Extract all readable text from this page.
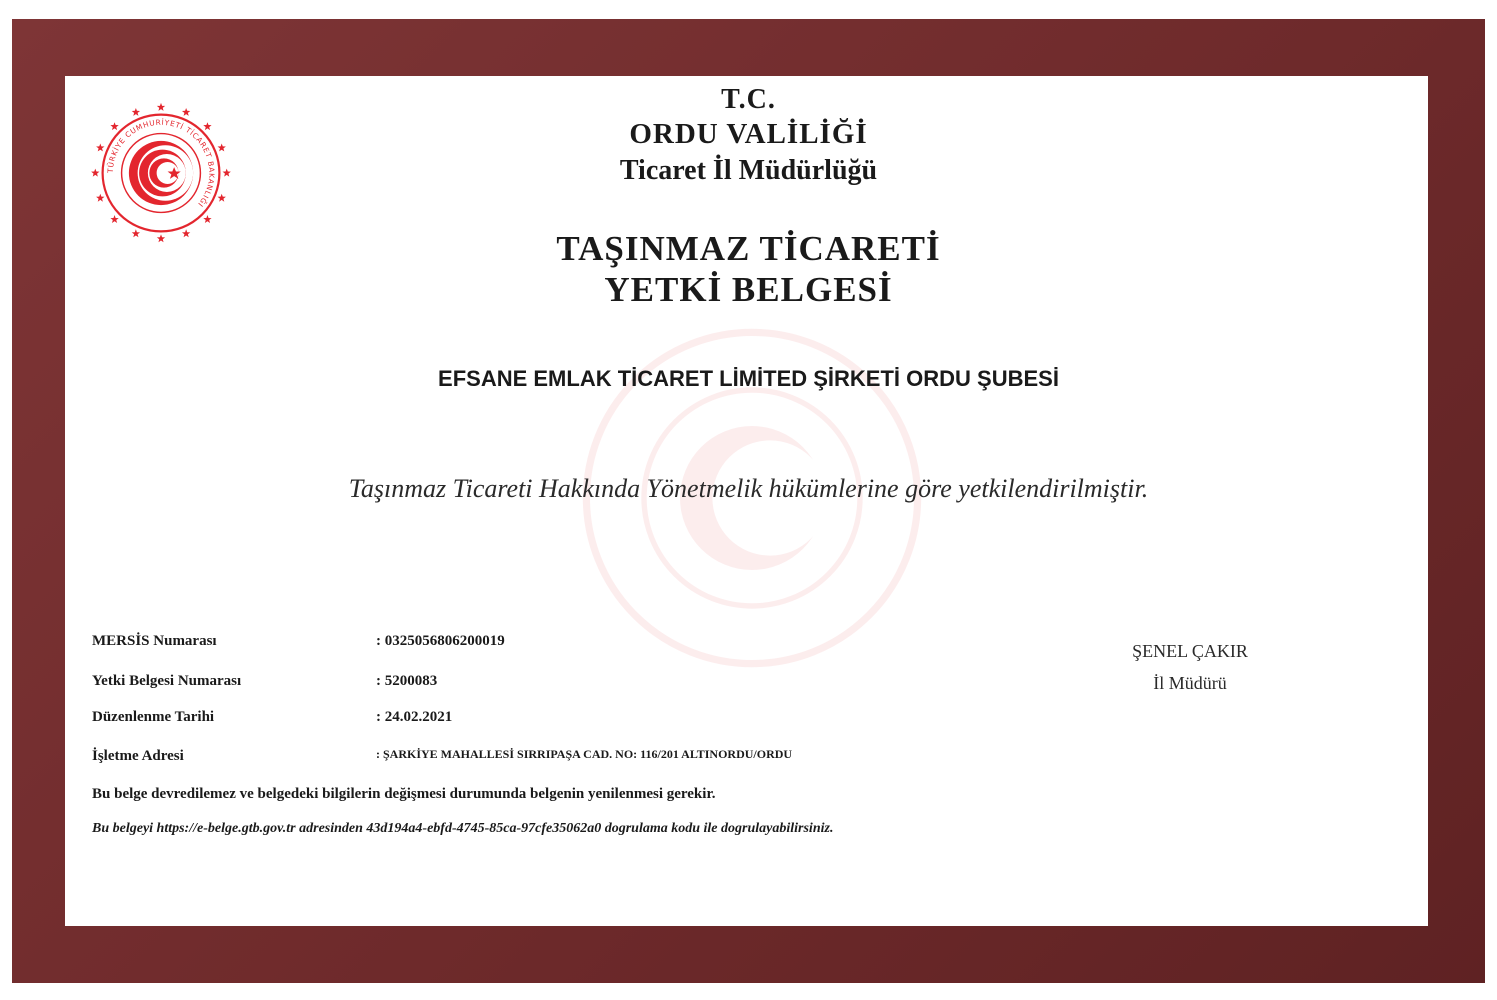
TÜRKİYE CUMHURİYETİ TİCARET BAKANLIĞI

T.C.

ORDU VALİLİĞİ

Ticaret İl Müdürlüğü

TAŞINMAZ TİCARETİ

YETKİ BELGESİ

EFSANE EMLAK TİCARET LİMİTED ŞİRKETİ ORDU ŞUBESİ

Taşınmaz Ticareti Hakkında Yönetmelik hükümlerine göre yetkilendirilmiştir.

MERSİS Numarası	: 0325056806200019
Yetki Belgesi Numarası	: 5200083
Düzenlenme Tarihi	: 24.02.2021
İşletme Adresi	: ŞARKİYE MAHALLESİ SIRRIPAŞA CAD. NO: 116/201 ALTINORDU/ORDU
Bu belge devredilemez ve belgedeki bilgilerin değişmesi durumunda belgenin yenilenmesi gerekir.
Bu belgeyi https://e-belge.gtb.gov.tr adresinden 43d194a4-ebfd-4745-85ca-97cfe35062a0 dogrulama kodu ile dogrulayabilirsiniz.
ŞENEL ÇAKIR
İl Müdürü
